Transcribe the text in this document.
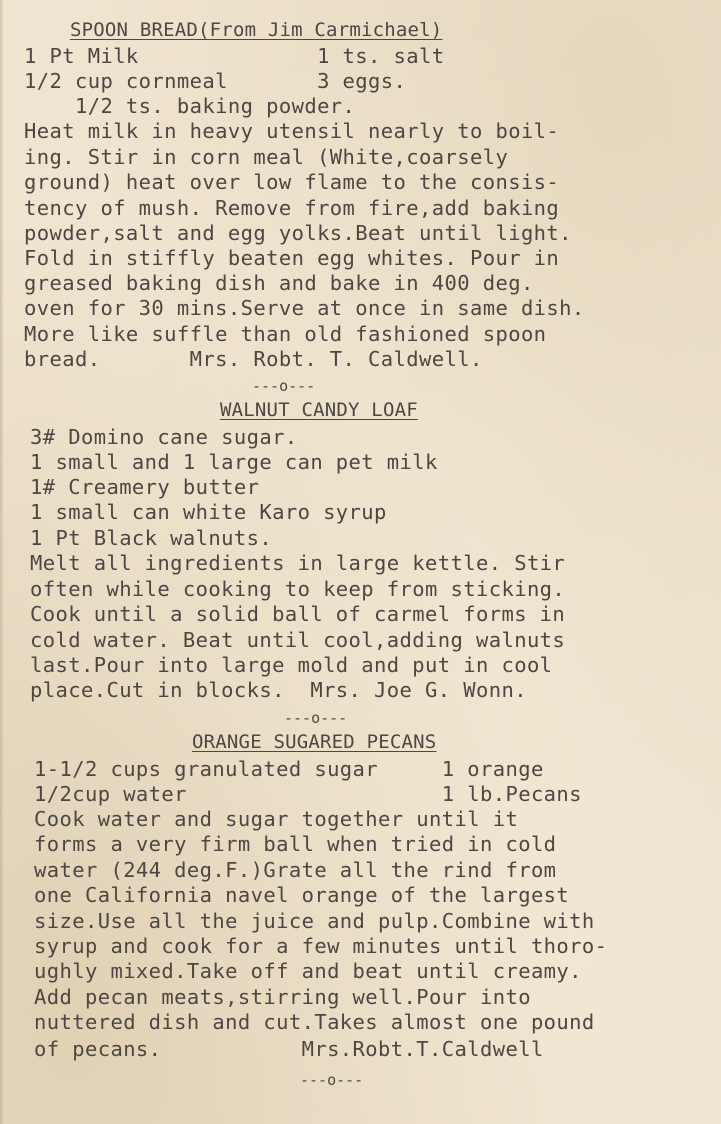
SPOON BREAD(From Jim Carmichael)
1 Pt Milk              1 ts. salt
1/2 cup cornmeal       3 eggs.
1/2 ts. baking powder.
Heat milk in heavy utensil nearly to boil-
ing. Stir in corn meal (White,coarsely
ground) heat over low flame to the consis-
tency of mush. Remove from fire,add baking
powder,salt and egg yolks.Beat until light.
Fold in stiffly beaten egg whites. Pour in
greased baking dish and bake in 400 deg.
oven for 30 mins.Serve at once in same dish.
More like suffle than old fashioned spoon
bread.       Mrs. Robt. T. Caldwell.
---o---
WALNUT CANDY LOAF
3# Domino cane sugar.
1 small and 1 large can pet milk
1# Creamery butter
1 small can white Karo syrup
1 Pt Black walnuts.
Melt all ingredients in large kettle. Stir
often while cooking to keep from sticking.
Cook until a solid ball of carmel forms in
cold water. Beat until cool,adding walnuts
last.Pour into large mold and put in cool
place.Cut in blocks.  Mrs. Joe G. Wonn.
---o---
ORANGE SUGARED PECANS
1-1/2 cups granulated sugar     1 orange
1/2cup water                    1 lb.Pecans
Cook water and sugar together until it
forms a very firm ball when tried in cold
water (244 deg.F.)Grate all the rind from
one California navel orange of the largest
size.Use all the juice and pulp.Combine with
syrup and cook for a few minutes until thoro-
ughly mixed.Take off and beat until creamy.
Add pecan meats,stirring well.Pour into
nuttered dish and cut.Takes almost one pound
of pecans.           Mrs.Robt.T.Caldwell
---o---
